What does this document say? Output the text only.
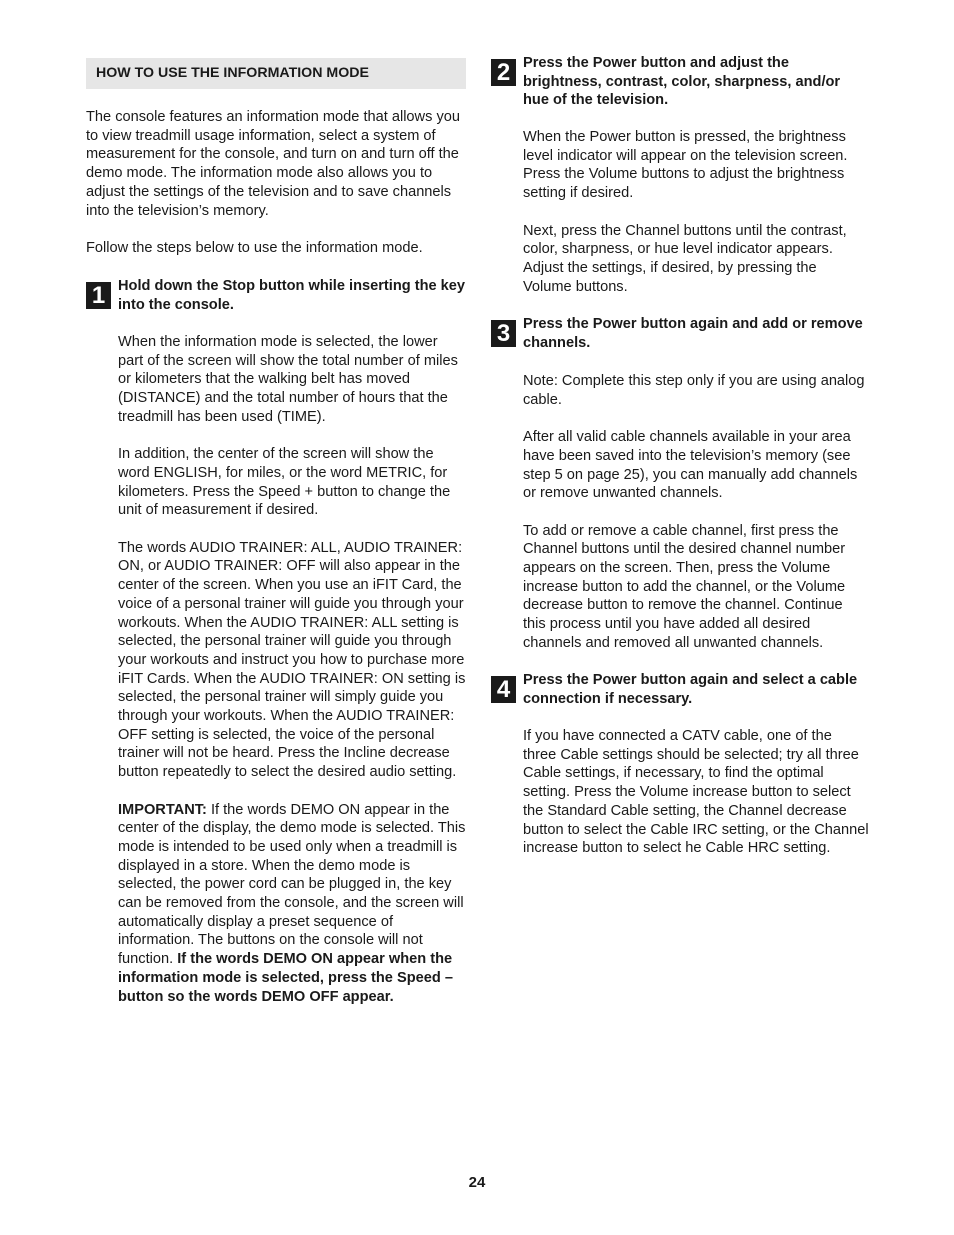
HOW TO USE THE INFORMATION MODE

The console features an information mode that allows you to view treadmill usage information, select a system of measurement for the console, and turn on and turn off the demo mode. The information mode also allows you to adjust the settings of the television and to save channels into the television’s memory.

Follow the steps below to use the information mode.

1 Hold down the Stop button while inserting the key into the console.

When the information mode is selected, the lower part of the screen will show the total number of miles or kilometers that the walking belt has moved (DISTANCE) and the total number of hours that the treadmill has been used (TIME).

In addition, the center of the screen will show the word ENGLISH, for miles, or the word METRIC, for kilometers. Press the Speed + button to change the unit of measurement if desired.

The words AUDIO TRAINER: ALL, AUDIO TRAINER: ON, or AUDIO TRAINER: OFF will also appear in the center of the screen. When you use an iFIT Card, the voice of a personal trainer will guide you through your workouts. When the AUDIO TRAINER: ALL setting is selected, the personal trainer will guide you through your workouts and instruct you how to purchase more iFIT Cards. When the AUDIO TRAINER: ON setting is selected, the personal trainer will simply guide you through your workouts. When the AUDIO TRAINER: OFF setting is selected, the voice of the personal trainer will not be heard. Press the Incline decrease button repeatedly to select the desired audio setting.

IMPORTANT: If the words DEMO ON appear in the center of the display, the demo mode is selected. This mode is intended to be used only when a treadmill is displayed in a store. When the demo mode is selected, the power cord can be plugged in, the key can be removed from the console, and the screen will automatically display a preset sequence of information. The buttons on the console will not function. If the words DEMO ON appear when the information mode is selected, press the Speed – button so the words DEMO OFF appear.

2 Press the Power button and adjust the brightness, contrast, color, sharpness, and/or hue of the television.

When the Power button is pressed, the brightness level indicator will appear on the television screen. Press the Volume buttons to adjust the brightness setting if desired.

Next, press the Channel buttons until the contrast, color, sharpness, or hue level indicator appears. Adjust the settings, if desired, by pressing the Volume buttons.

3 Press the Power button again and add or remove channels.

Note: Complete this step only if you are using analog cable.

After all valid cable channels available in your area have been saved into the television’s memory (see step 5 on page 25), you can manually add channels or remove unwanted channels.

To add or remove a cable channel, first press the Channel buttons until the desired channel number appears on the screen. Then, press the Volume increase button to add the channel, or the Volume decrease button to remove the channel. Continue this process until you have added all desired channels and removed all unwanted channels.

4 Press the Power button again and select a cable connection if necessary.

If you have connected a CATV cable, one of the three Cable settings should be selected; try all three Cable settings, if necessary, to find the optimal setting. Press the Volume increase button to select the Standard Cable setting, the Channel decrease button to select the Cable IRC setting, or the Channel increase button to select he Cable HRC setting.

24
